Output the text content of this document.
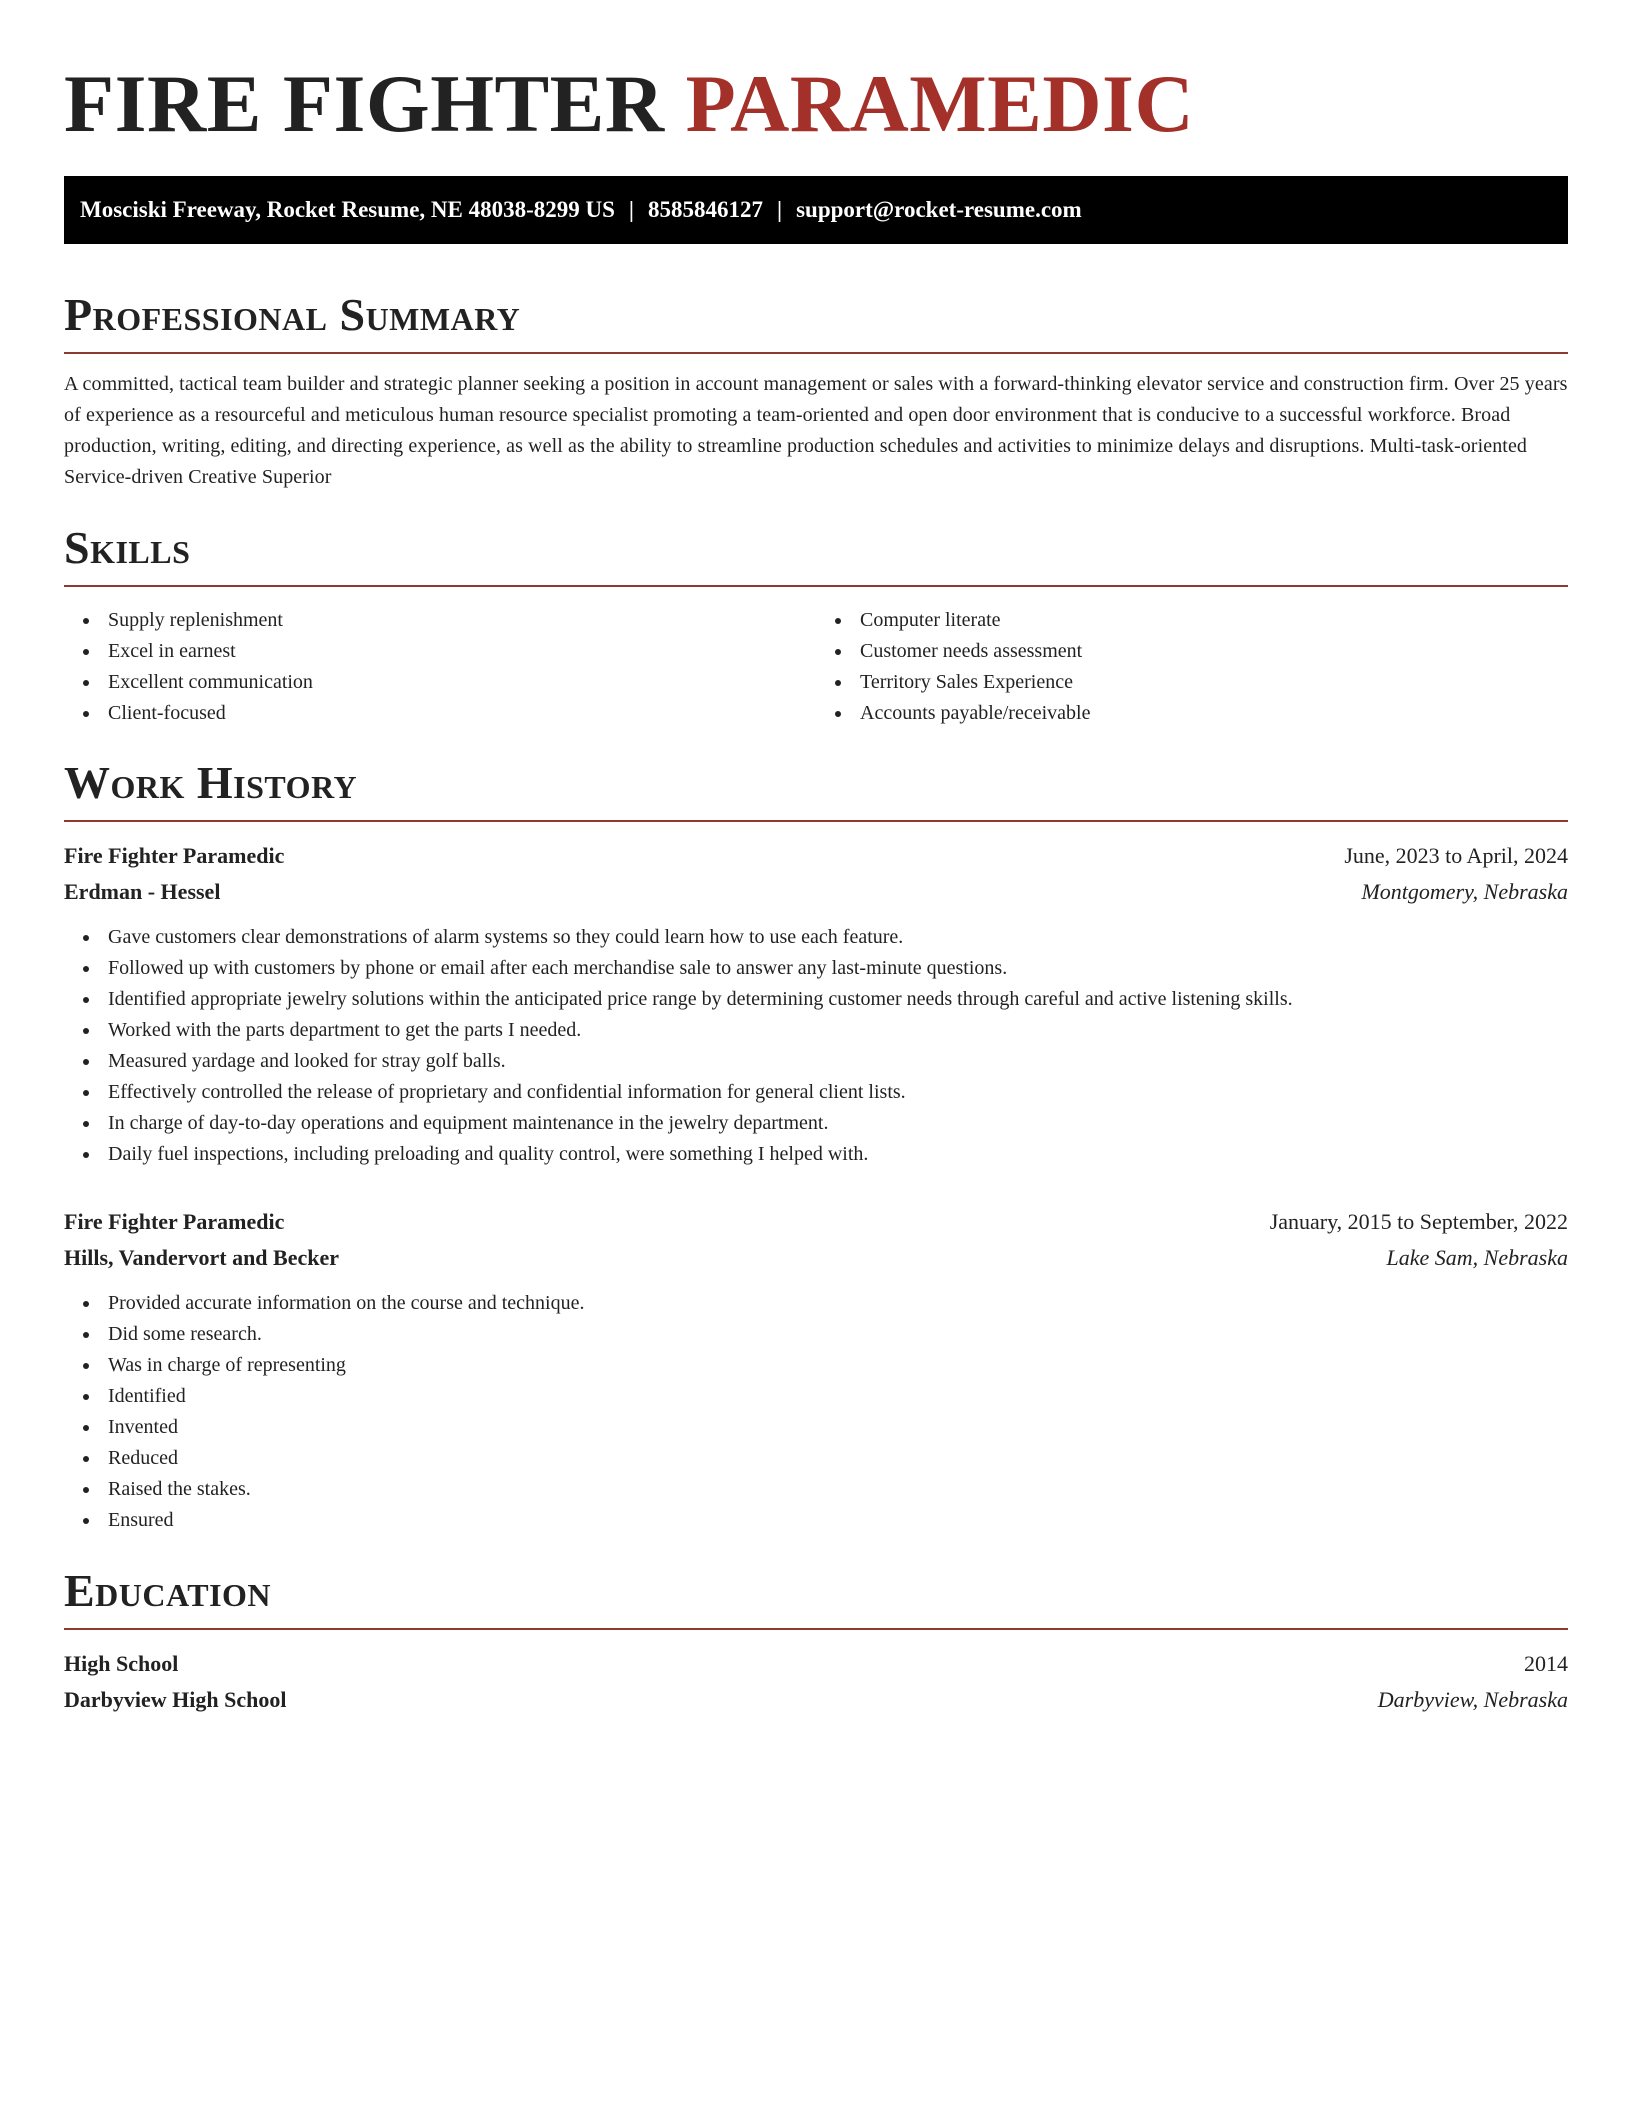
FIRE FIGHTER PARAMEDIC
Mosciski Freeway, Rocket Resume, NE 48038-8299 US | 8585846127 | support@rocket-resume.com
Professional Summary

A committed, tactical team builder and strategic planner seeking a position in account management or sales with a forward-thinking elevator service and construction firm. Over 25 years of experience as a resourceful and meticulous human resource specialist promoting a team-oriented and open door environment that is conducive to a successful workforce. Broad production, writing, editing, and directing experience, as well as the ability to streamline production schedules and activities to minimize delays and disruptions. Multi-task-oriented Service-driven Creative Superior

Skills
Supply replenishment
Excel in earnest
Excellent communication
Client-focused
Computer literate
Customer needs assessment
Territory Sales Experience
Accounts payable/receivable
Work History
Fire Fighter Paramedic	June, 2023 to April, 2024
Erdman - Hessel	Montgomery, Nebraska
Gave customers clear demonstrations of alarm systems so they could learn how to use each feature.
Followed up with customers by phone or email after each merchandise sale to answer any last-minute questions.
Identified appropriate jewelry solutions within the anticipated price range by determining customer needs through careful and active listening skills.
Worked with the parts department to get the parts I needed.
Measured yardage and looked for stray golf balls.
Effectively controlled the release of proprietary and confidential information for general client lists.
In charge of day-to-day operations and equipment maintenance in the jewelry department.
Daily fuel inspections, including preloading and quality control, were something I helped with.
Fire Fighter Paramedic	January, 2015 to September, 2022
Hills, Vandervort and Becker	Lake Sam, Nebraska
Provided accurate information on the course and technique.
Did some research.
Was in charge of representing
Identified
Invented
Reduced
Raised the stakes.
Ensured
Education
High School	2014
Darbyview High School	Darbyview, Nebraska
